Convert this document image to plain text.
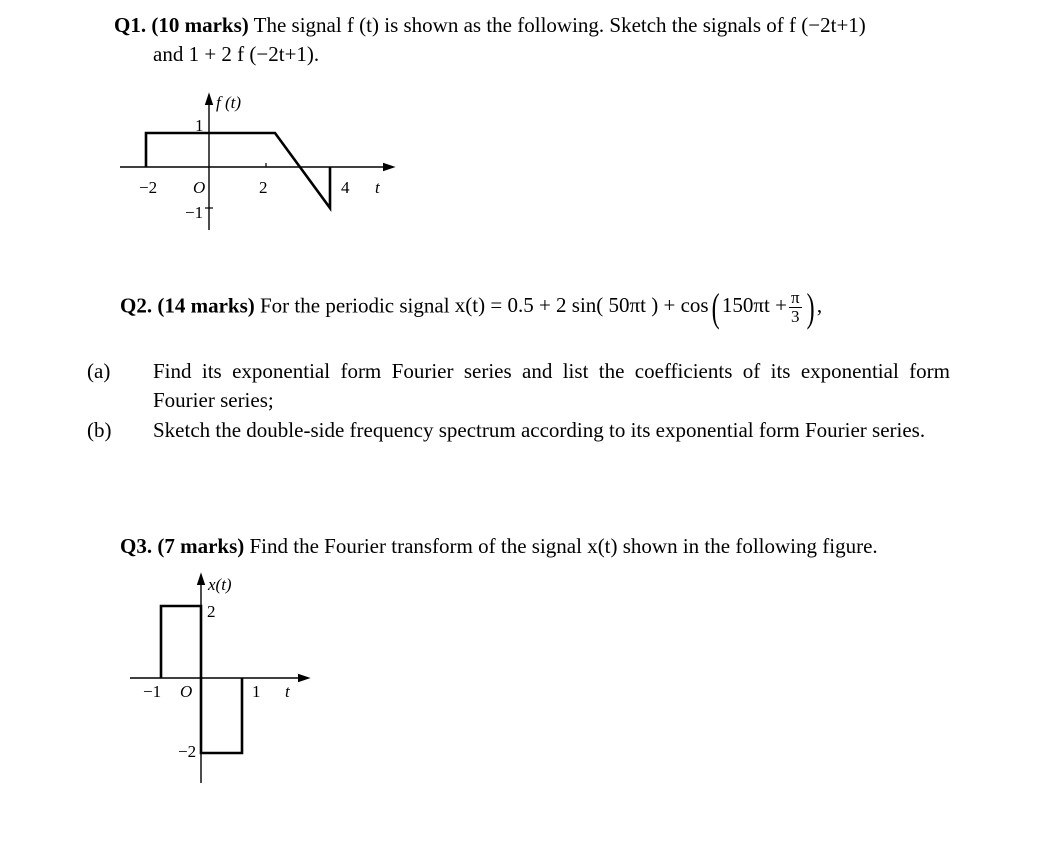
Q1. (10 marks) The signal f (t) is shown as the following. Sketch the signals of f (−2t+1)
and 1 + 2 f (−2t+1).
f (t)
1
−2 O	2	4 t
−1
x(t)
2
−1 O	1 t
−2
Q2. (14 marks) For the periodic signal x(t) = 0.5 + 2 sin( 50πt ) + cos( $150\pi t + \frac{\pi}{3}$ ) ,
(a) Find its exponential form Fourier series and list the coefficients of its exponential form Fourier series;
(b) Sketch the double-side frequency spectrum according to its exponential form Fourier series.
Q3. (7 marks) Find the Fourier transform of the signal x(t) shown in the following figure.
